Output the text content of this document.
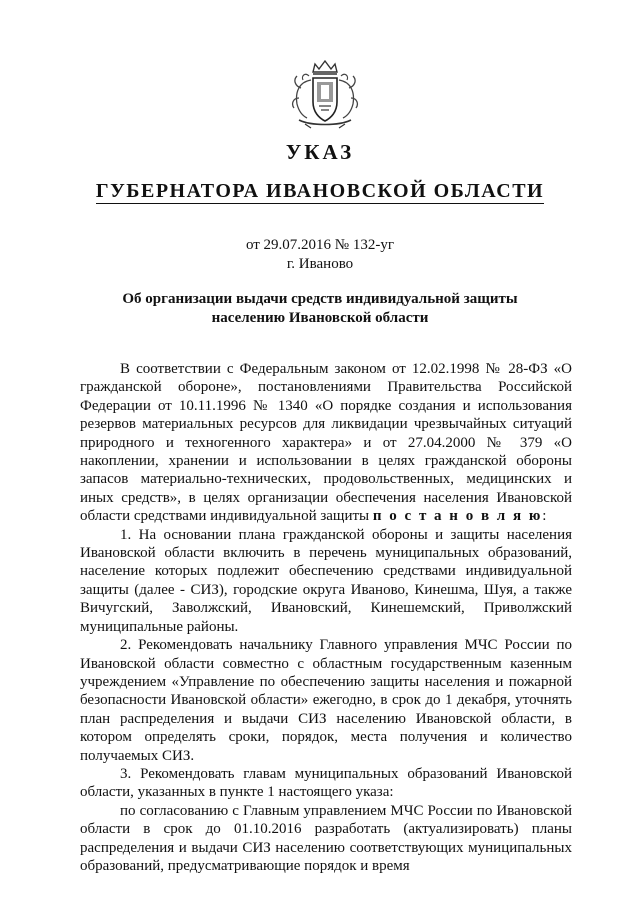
УКАЗ
ГУБЕРНАТОРА ИВАНОВСКОЙ ОБЛАСТИ
от 29.07.2016 № 132-уг
г. Иваново
Об организации выдачи средств индивидуальной защиты населению Ивановской области

В соответствии с Федеральным законом от 12.02.1998 № 28-ФЗ «О гражданской обороне», постановлениями Правительства Российской Федерации от 10.11.1996 № 1340 «О порядке создания и использования резервов материальных ресурсов для ликвидации чрезвычайных ситуаций природного и техногенного характера» и от 27.04.2000 № 379 «О накоплении, хранении и использовании в целях гражданской обороны запасов материально-технических, продовольственных, медицинских и иных средств», в целях организации обеспечения населения Ивановской области средствами индивидуальной защиты п о с т а н о в л я ю:

1. На основании плана гражданской обороны и защиты населения Ивановской области включить в перечень муниципальных образований, население которых подлежит обеспечению средствами индивидуальной защиты (далее - СИЗ), городские округа Иваново, Кинешма, Шуя, а также Вичугский, Заволжский, Ивановский, Кинешемский, Приволжский муниципальные районы.

2. Рекомендовать начальнику Главного управления МЧС России по Ивановской области совместно с областным государственным казенным учреждением «Управление по обеспечению защиты населения и пожарной безопасности Ивановской области» ежегодно, в срок до 1 декабря, уточнять план распределения и выдачи СИЗ населению Ивановской области, в котором определять сроки, порядок, места получения и количество получаемых СИЗ.

3. Рекомендовать главам муниципальных образований Ивановской области, указанных в пункте 1 настоящего указа:

по согласованию с Главным управлением МЧС России по Ивановской области в срок до 01.10.2016 разработать (актуализировать) планы распределения и выдачи СИЗ населению соответствующих муниципальных образований, предусматривающие порядок и время
